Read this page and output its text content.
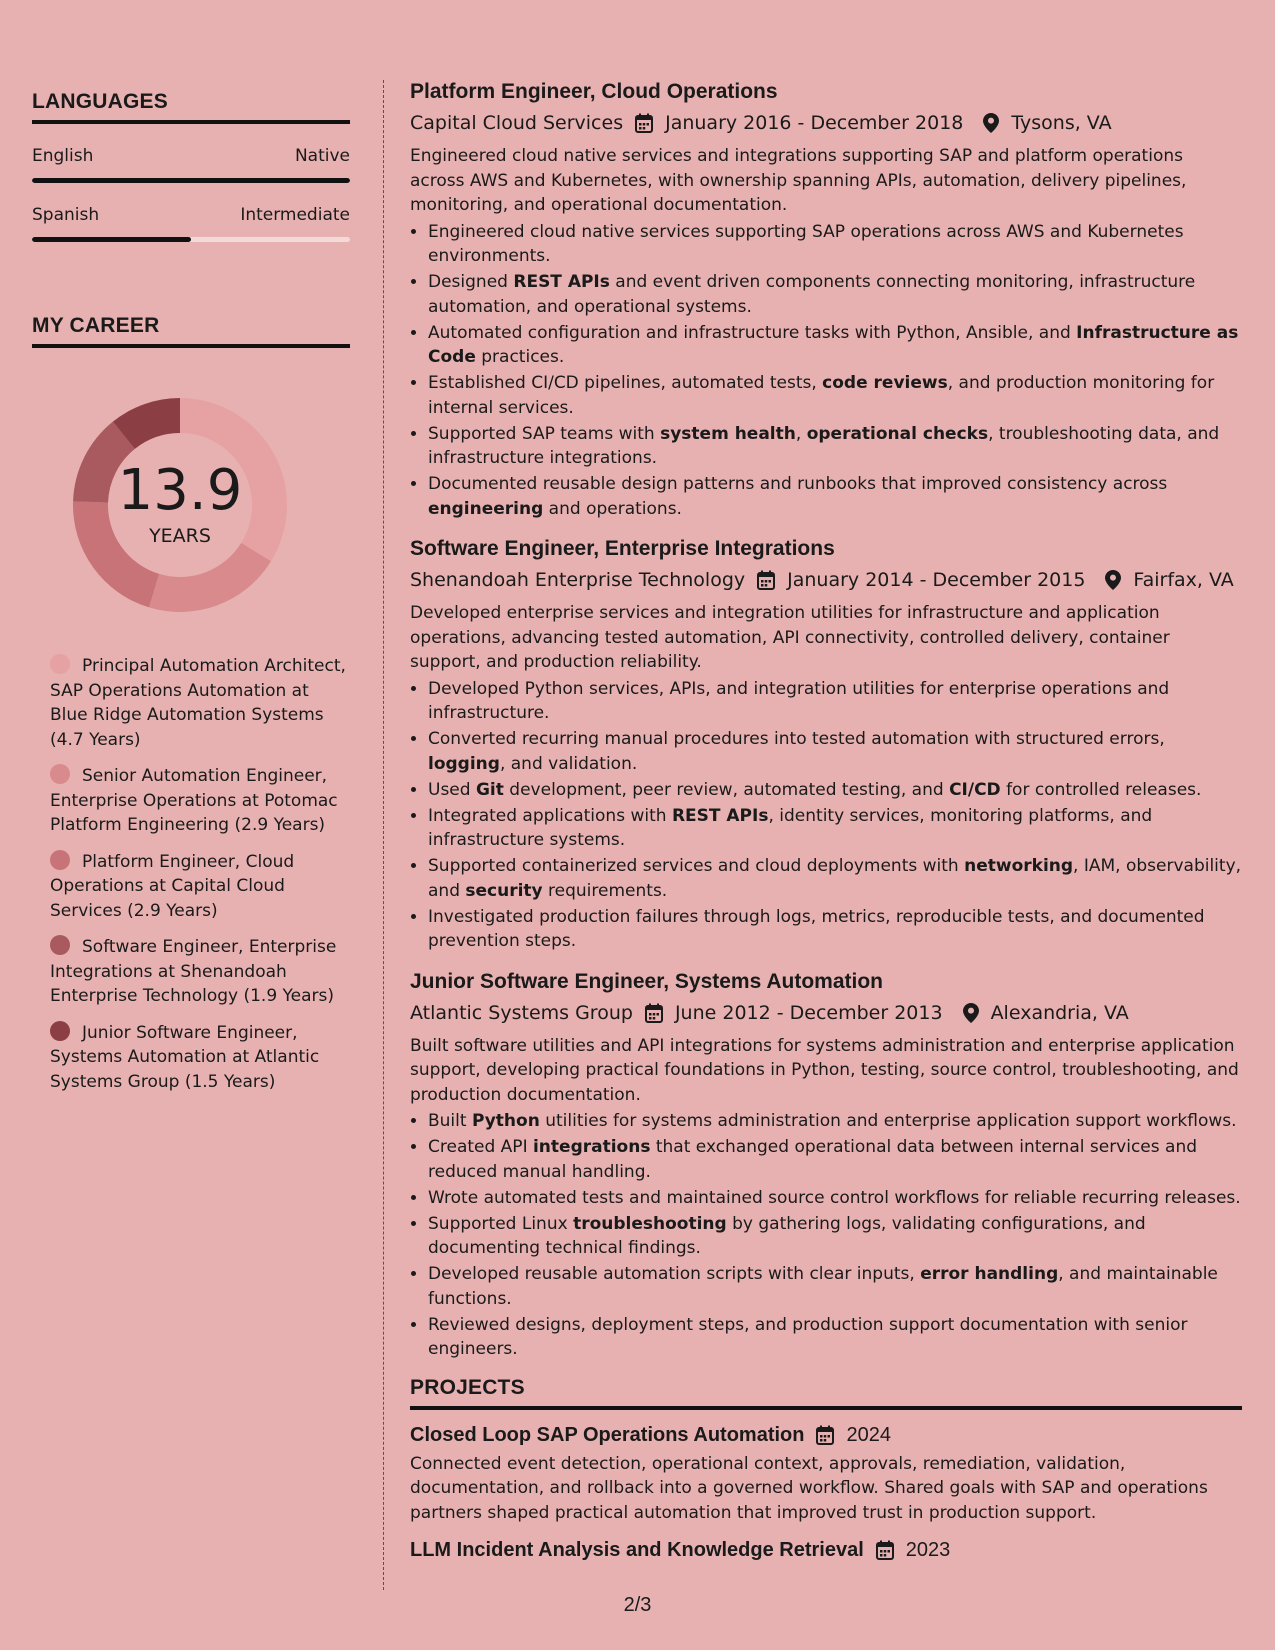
LANGUAGES
English	Native
Spanish	Intermediate
MY CAREER
13.9
YEARS
Principal Automation Architect, SAP Operations Automation at Blue Ridge Automation Systems (4.7 Years)
Senior Automation Engineer, Enterprise Operations at Potomac Platform Engineering (2.9 Years)
Platform Engineer, Cloud Operations at Capital Cloud Services (2.9 Years)
Software Engineer, Enterprise Integrations at Shenandoah Enterprise Technology (1.9 Years)
Junior Software Engineer, Systems Automation at Atlantic Systems Group (1.5 Years)
Platform Engineer, Cloud Operations
Capital Cloud Services January 2016 - December 2018	Tysons, VA
Engineered cloud native services and integrations supporting SAP and platform operations across AWS and Kubernetes, with ownership spanning APIs, automation, delivery pipelines, monitoring, and operational documentation.
• Engineered cloud native services supporting SAP operations across AWS and Kubernetes environments.
• Designed REST APIs and event driven components connecting monitoring, infrastructure automation, and operational systems.
• Automated configuration and infrastructure tasks with Python, Ansible, and Infrastructure as Code practices.
• Established CI/CD pipelines, automated tests, code reviews, and production monitoring for internal services.
• Supported SAP teams with system health, operational checks, troubleshooting data, and infrastructure integrations.
• Documented reusable design patterns and runbooks that improved consistency across engineering and operations.
Software Engineer, Enterprise Integrations
Shenandoah Enterprise Technology January 2014 - December 2015	Fairfax, VA
Developed enterprise services and integration utilities for infrastructure and application operations, advancing tested automation, API connectivity, controlled delivery, container support, and production reliability.
• Developed Python services, APIs, and integration utilities for enterprise operations and infrastructure.
• Converted recurring manual procedures into tested automation with structured errors, logging, and validation.
• Used Git development, peer review, automated testing, and CI/CD for controlled releases.
• Integrated applications with REST APIs, identity services, monitoring platforms, and infrastructure systems.
• Supported containerized services and cloud deployments with networking, IAM, observability, and security requirements.
• Investigated production failures through logs, metrics, reproducible tests, and documented prevention steps.
Junior Software Engineer, Systems Automation
Atlantic Systems Group June 2012 - December 2013	Alexandria, VA
Built software utilities and API integrations for systems administration and enterprise application support, developing practical foundations in Python, testing, source control, troubleshooting, and production documentation.
• Built Python utilities for systems administration and enterprise application support workflows.
• Created API integrations that exchanged operational data between internal services and reduced manual handling.
• Wrote automated tests and maintained source control workflows for reliable recurring releases.
• Supported Linux troubleshooting by gathering logs, validating configurations, and documenting technical findings.
• Developed reusable automation scripts with clear inputs, error handling, and maintainable functions.
• Reviewed designs, deployment steps, and production support documentation with senior engineers.
PROJECTS
Closed Loop SAP Operations Automation 2024
Connected event detection, operational context, approvals, remediation, validation, documentation, and rollback into a governed workflow. Shared goals with SAP and operations partners shaped practical automation that improved trust in production support.
LLM Incident Analysis and Knowledge Retrieval 2023
2/3
